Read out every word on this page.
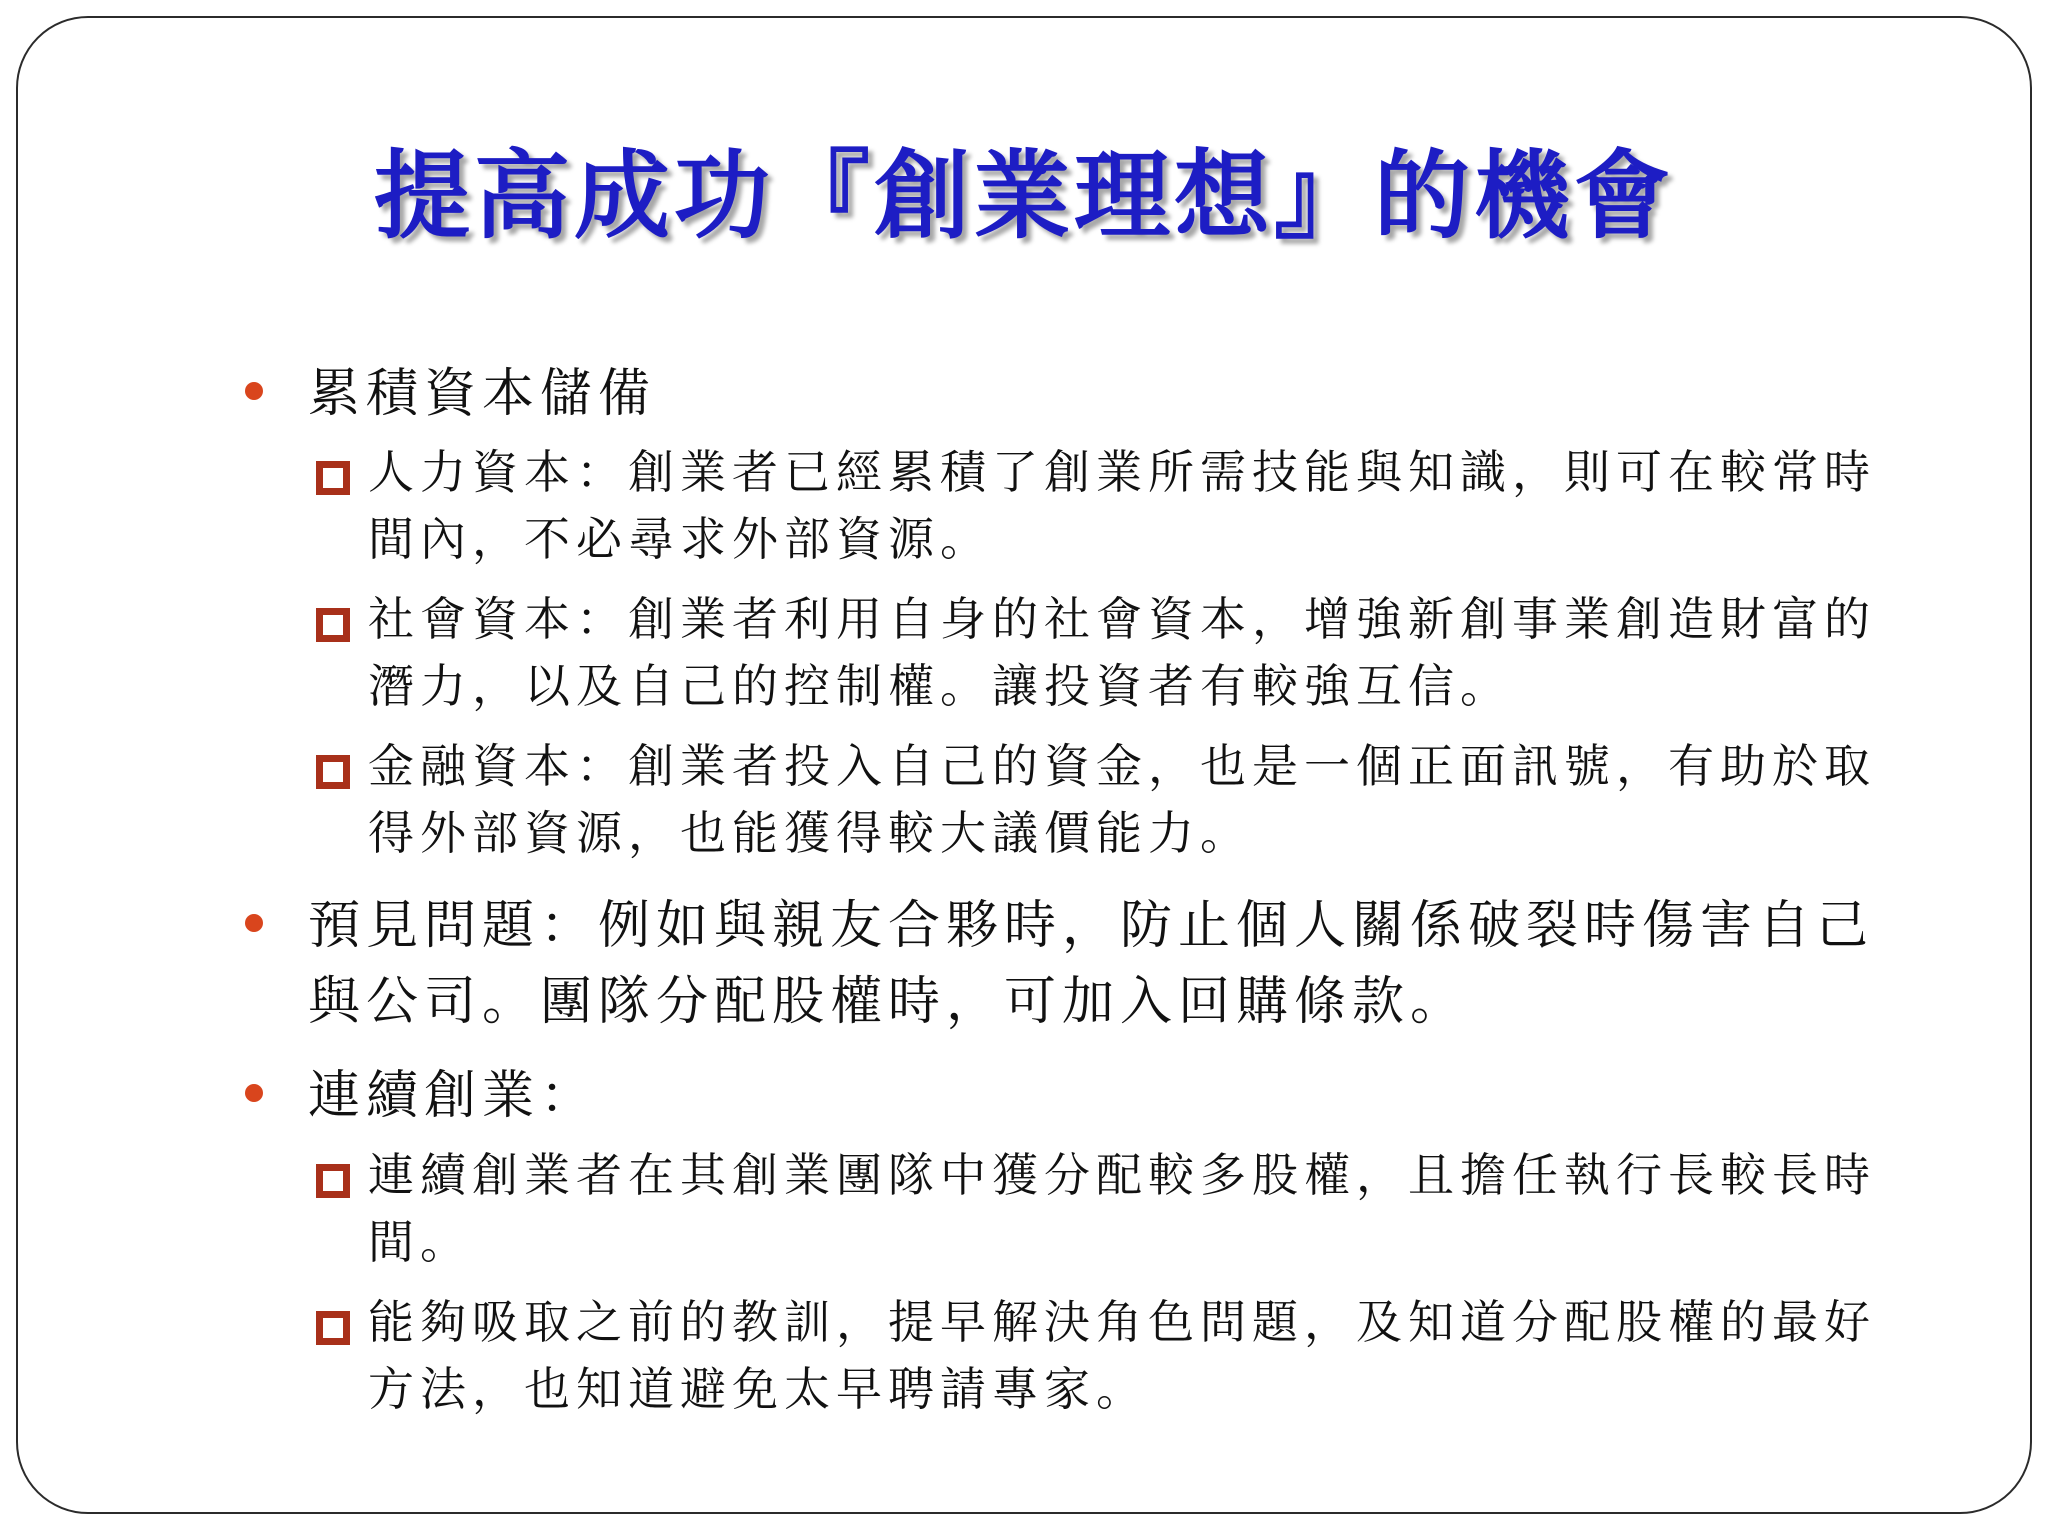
提高成功『創業理想』的機會
累積資本儲備
人力資本：創業者已經累積了創業所需技能與知識，則可在較常時間內，不必尋求外部資源。
社會資本：創業者利用自身的社會資本，增強新創事業創造財富的潛力，以及自己的控制權。讓投資者有較強互信。
金融資本：創業者投入自己的資金，也是一個正面訊號，有助於取得外部資源，也能獲得較大議價能力。
預見問題：例如與親友合夥時，防止個人關係破裂時傷害自己與公司。團隊分配股權時，可加入回購條款。
連續創業：
連續創業者在其創業團隊中獲分配較多股權，且擔任執行長較長時間。
能夠吸取之前的教訓，提早解決角色問題，及知道分配股權的最好方法，也知道避免太早聘請專家。
